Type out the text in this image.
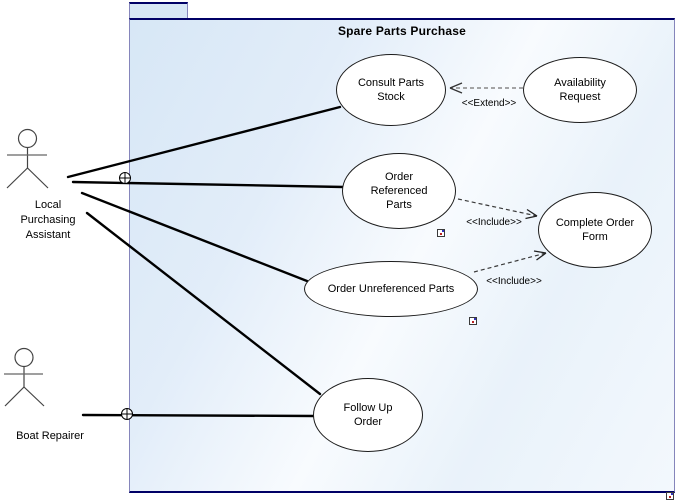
Spare Parts Purchase
Local Purchasing Assistant
Boat Repairer
Consult Parts Stock
Availability Request
Order Referenced Parts
Complete Order Form
Order Unreferenced Parts
Follow Up Order
<<Extend>>
<<Include>>
<<Include>>
